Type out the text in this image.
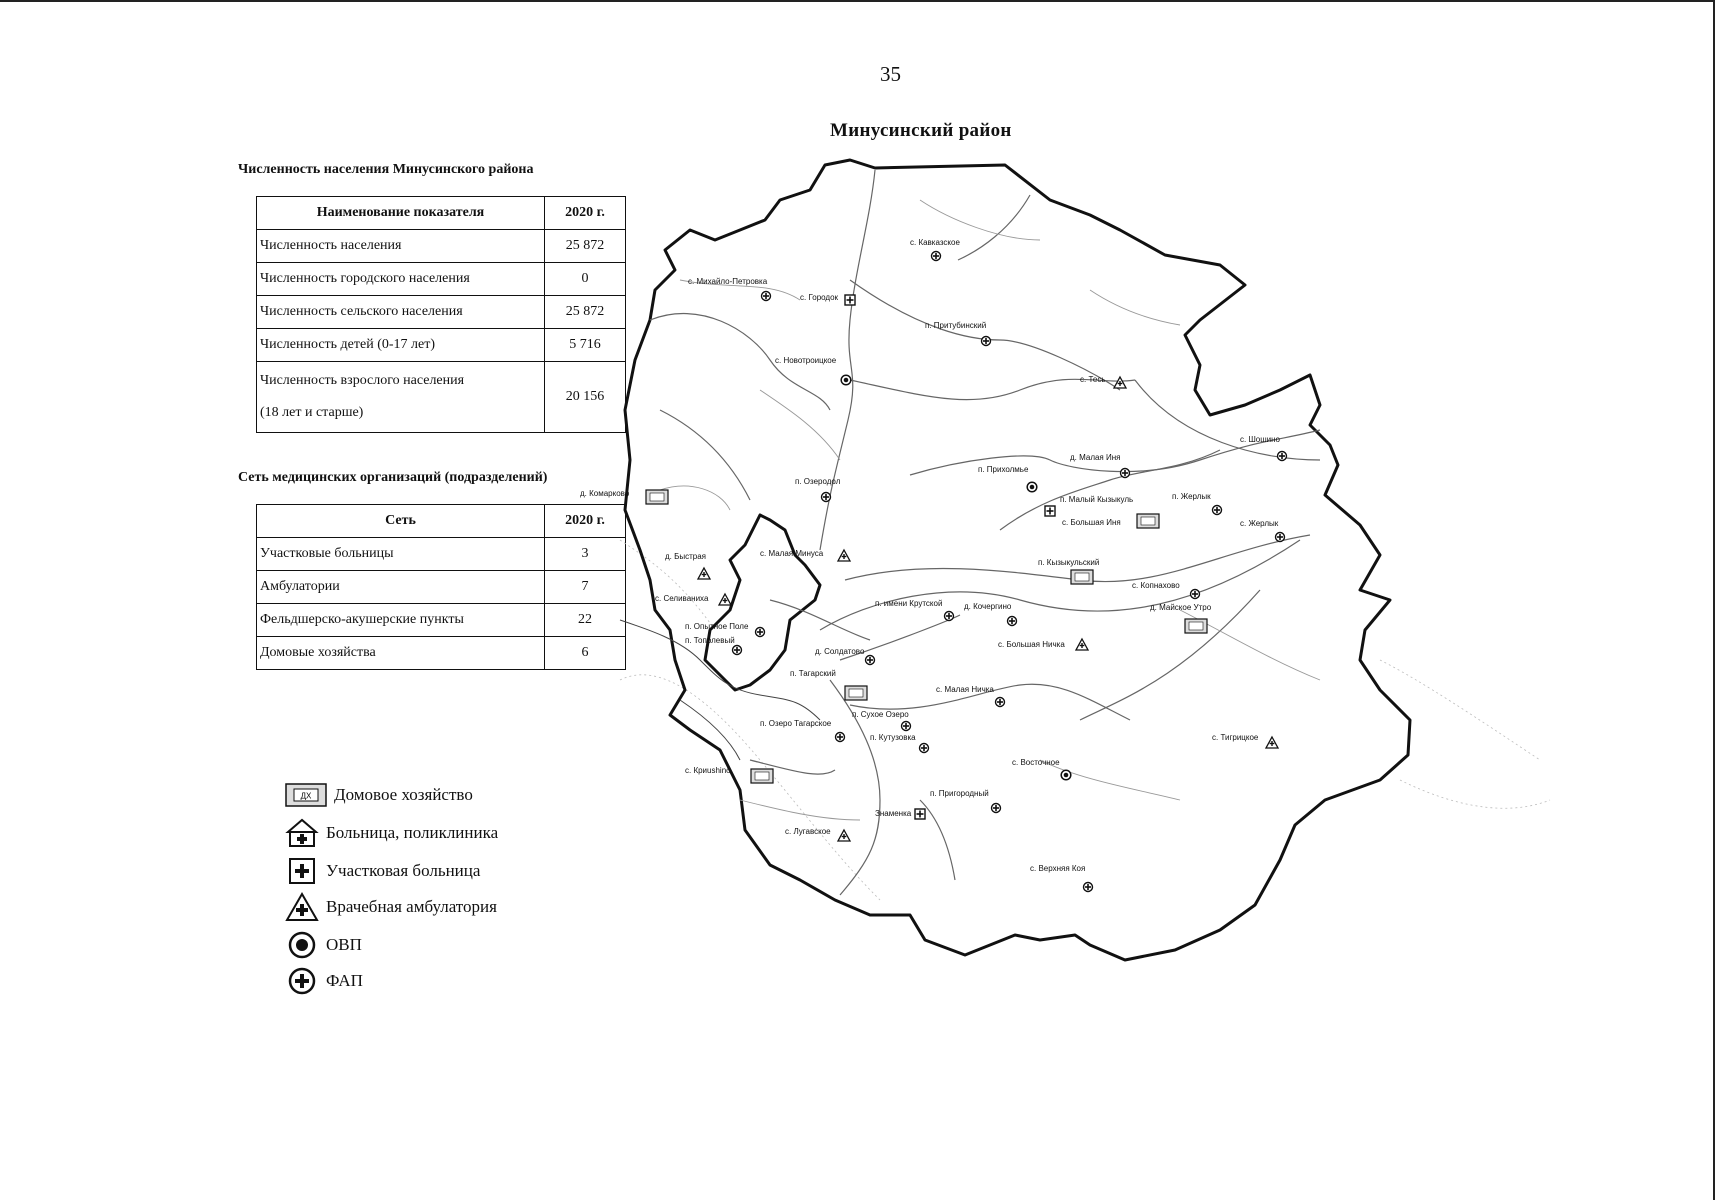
35
Минусинский район
Численность населения Минусинского района
Наименование показателя	2020 г.
Численность населения	25 872
Численность городского населения	0
Численность сельского населения	25 872
Численность детей (0-17 лет)	5 716

Численность взрослого населения
(18 лет и старше)	20 156
Сеть медицинских организаций (подразделений)
Сеть	2020 г.
Участковые больницы	3
Амбулатории	7
Фельдшерско-акушерские пункты	22
Домовые хозяйства	6
ДХ Домовое хозяйство
Больница, поликлиника
Участковая больница
Врачебная амбулатория
ОВП
ФАП
с. Кавказское
с. Михайло-Петровка
с. Городок
п. Притубинский
с. Новотроицкое
с. Тесь
с. Шошино
д. Малая Иня
п. Прихолмье
д. Комарково
п. Озеродол
п. Малый Кызыкуль
с. Большая Иня
п. Жерлык
с. Жерлык
д. Быстрая	с. Малая Минуса
п. Кызыкульский
с. Селиваниха
с. Копнахово
д. Майское Утро
п. Опытное Поле
п. Тополевый
п. имени Крутской	д. Кочергино
с. Большая Ничка
д. Солдатово
п. Тагарский
с. Малая Ничка
п. Сухое Озеро
п. Озеро Тагарское
п. Кутузовка	с. Тигрицкое
с. Восточное
с. Криushino
п. Пригородный
Знаменка
с. Лугавское
с. Верхняя Коя
